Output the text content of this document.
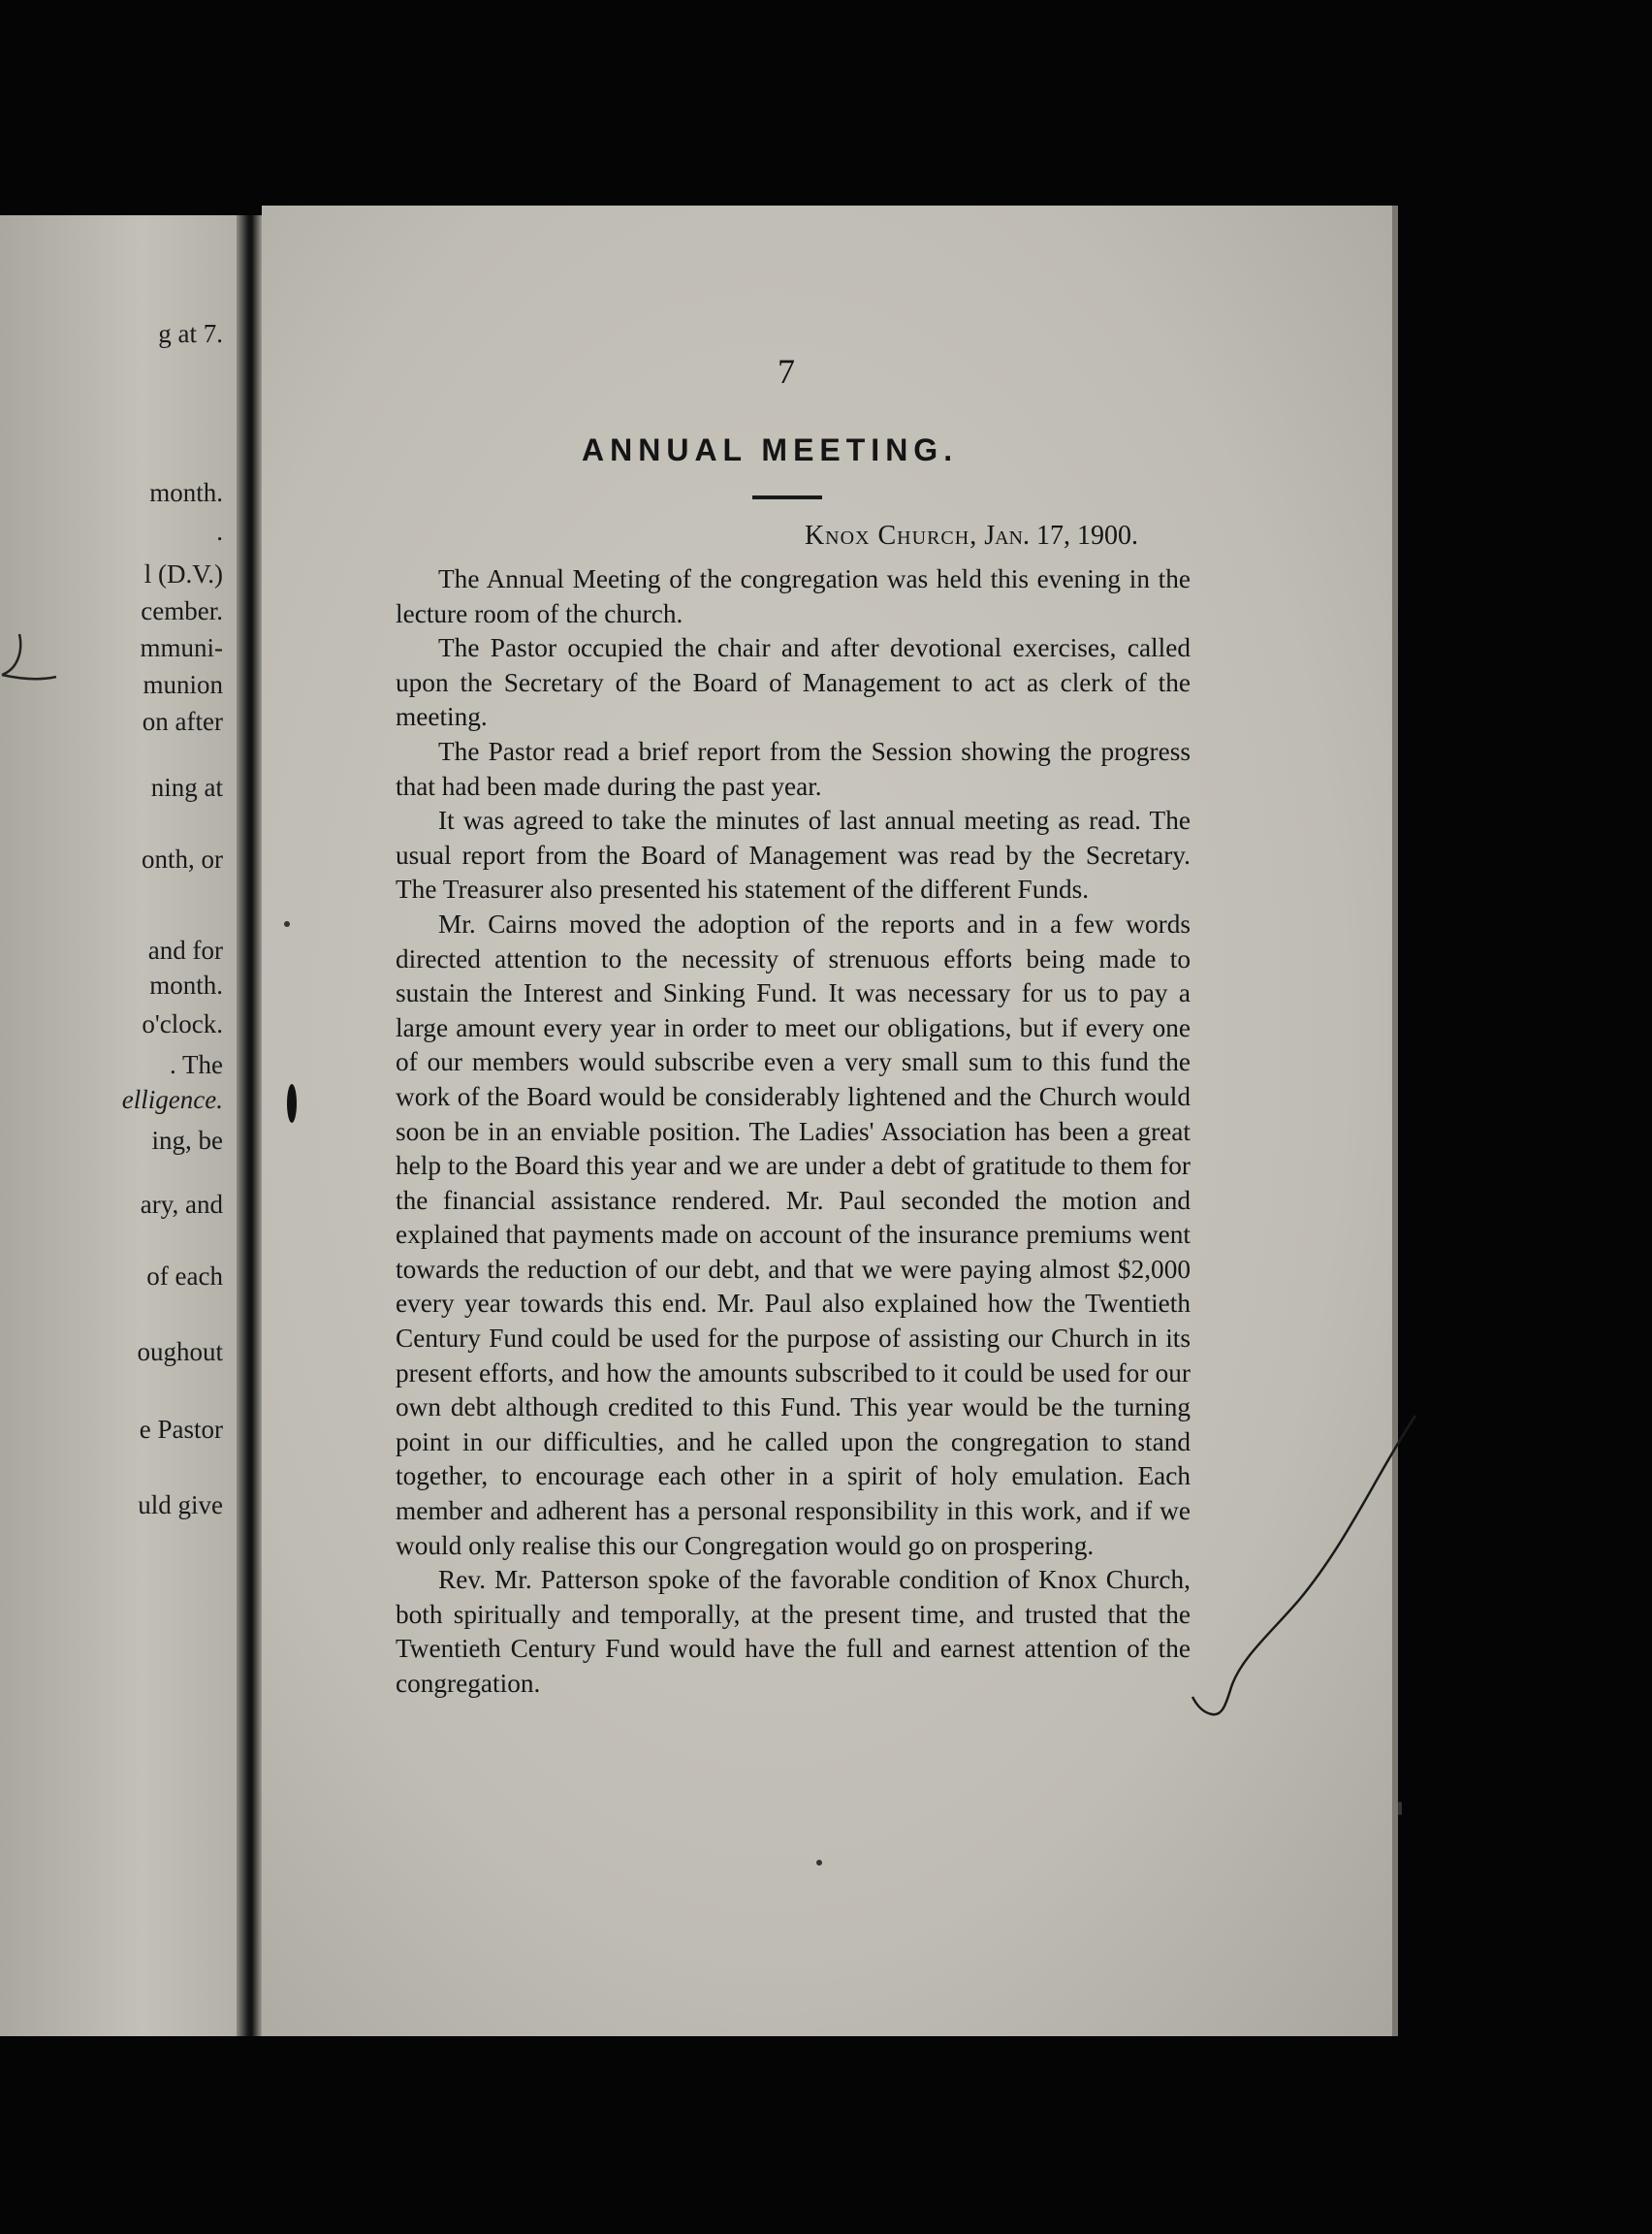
g at 7.
month.
.
l (D.V.)
cember.
mmuni-
munion
on after
ning at
onth, or
and for
month.
o'clock.
. The
elligence.
ing, be
ary, and
of each
oughout
e Pastor
uld give
7
ANNUAL MEETING.
Knox Church, Jan. 17, 1900.

The Annual Meeting of the congregation was held this evening in the lecture room of the church.

The Pastor occupied the chair and after devotional exercises, called upon the Secretary of the Board of Management to act as clerk of the meeting.

The Pastor read a brief report from the Session showing the progress that had been made during the past year.

It was agreed to take the minutes of last annual meeting as read. The usual report from the Board of Management was read by the Secretary. The Treasurer also presented his statement of the different Funds.

Mr. Cairns moved the adoption of the reports and in a few words directed attention to the necessity of strenuous efforts being made to sustain the Interest and Sinking Fund. It was necessary for us to pay a large amount every year in order to meet our obligations, but if every one of our members would subscribe even a very small sum to this fund the work of the Board would be considerably lightened and the Church would soon be in an enviable position. The Ladies' Association has been a great help to the Board this year and we are under a debt of gratitude to them for the financial assistance rendered. Mr. Paul seconded the motion and explained that payments made on account of the insurance premiums went towards the reduction of our debt, and that we were paying almost $2,000 every year towards this end. Mr. Paul also explained how the Twentieth Century Fund could be used for the purpose of assisting our Church in its present efforts, and how the amounts subscribed to it could be used for our own debt although credited to this Fund. This year would be the turning point in our difficulties, and he called upon the congregation to stand together, to encourage each other in a spirit of holy emulation. Each member and adherent has a personal responsibility in this work, and if we would only realise this our Congregation would go on prospering.

Rev. Mr. Patterson spoke of the favorable condition of Knox Church, both spiritually and temporally, at the present time, and trusted that the Twentieth Century Fund would have the full and earnest attention of the congregation.
